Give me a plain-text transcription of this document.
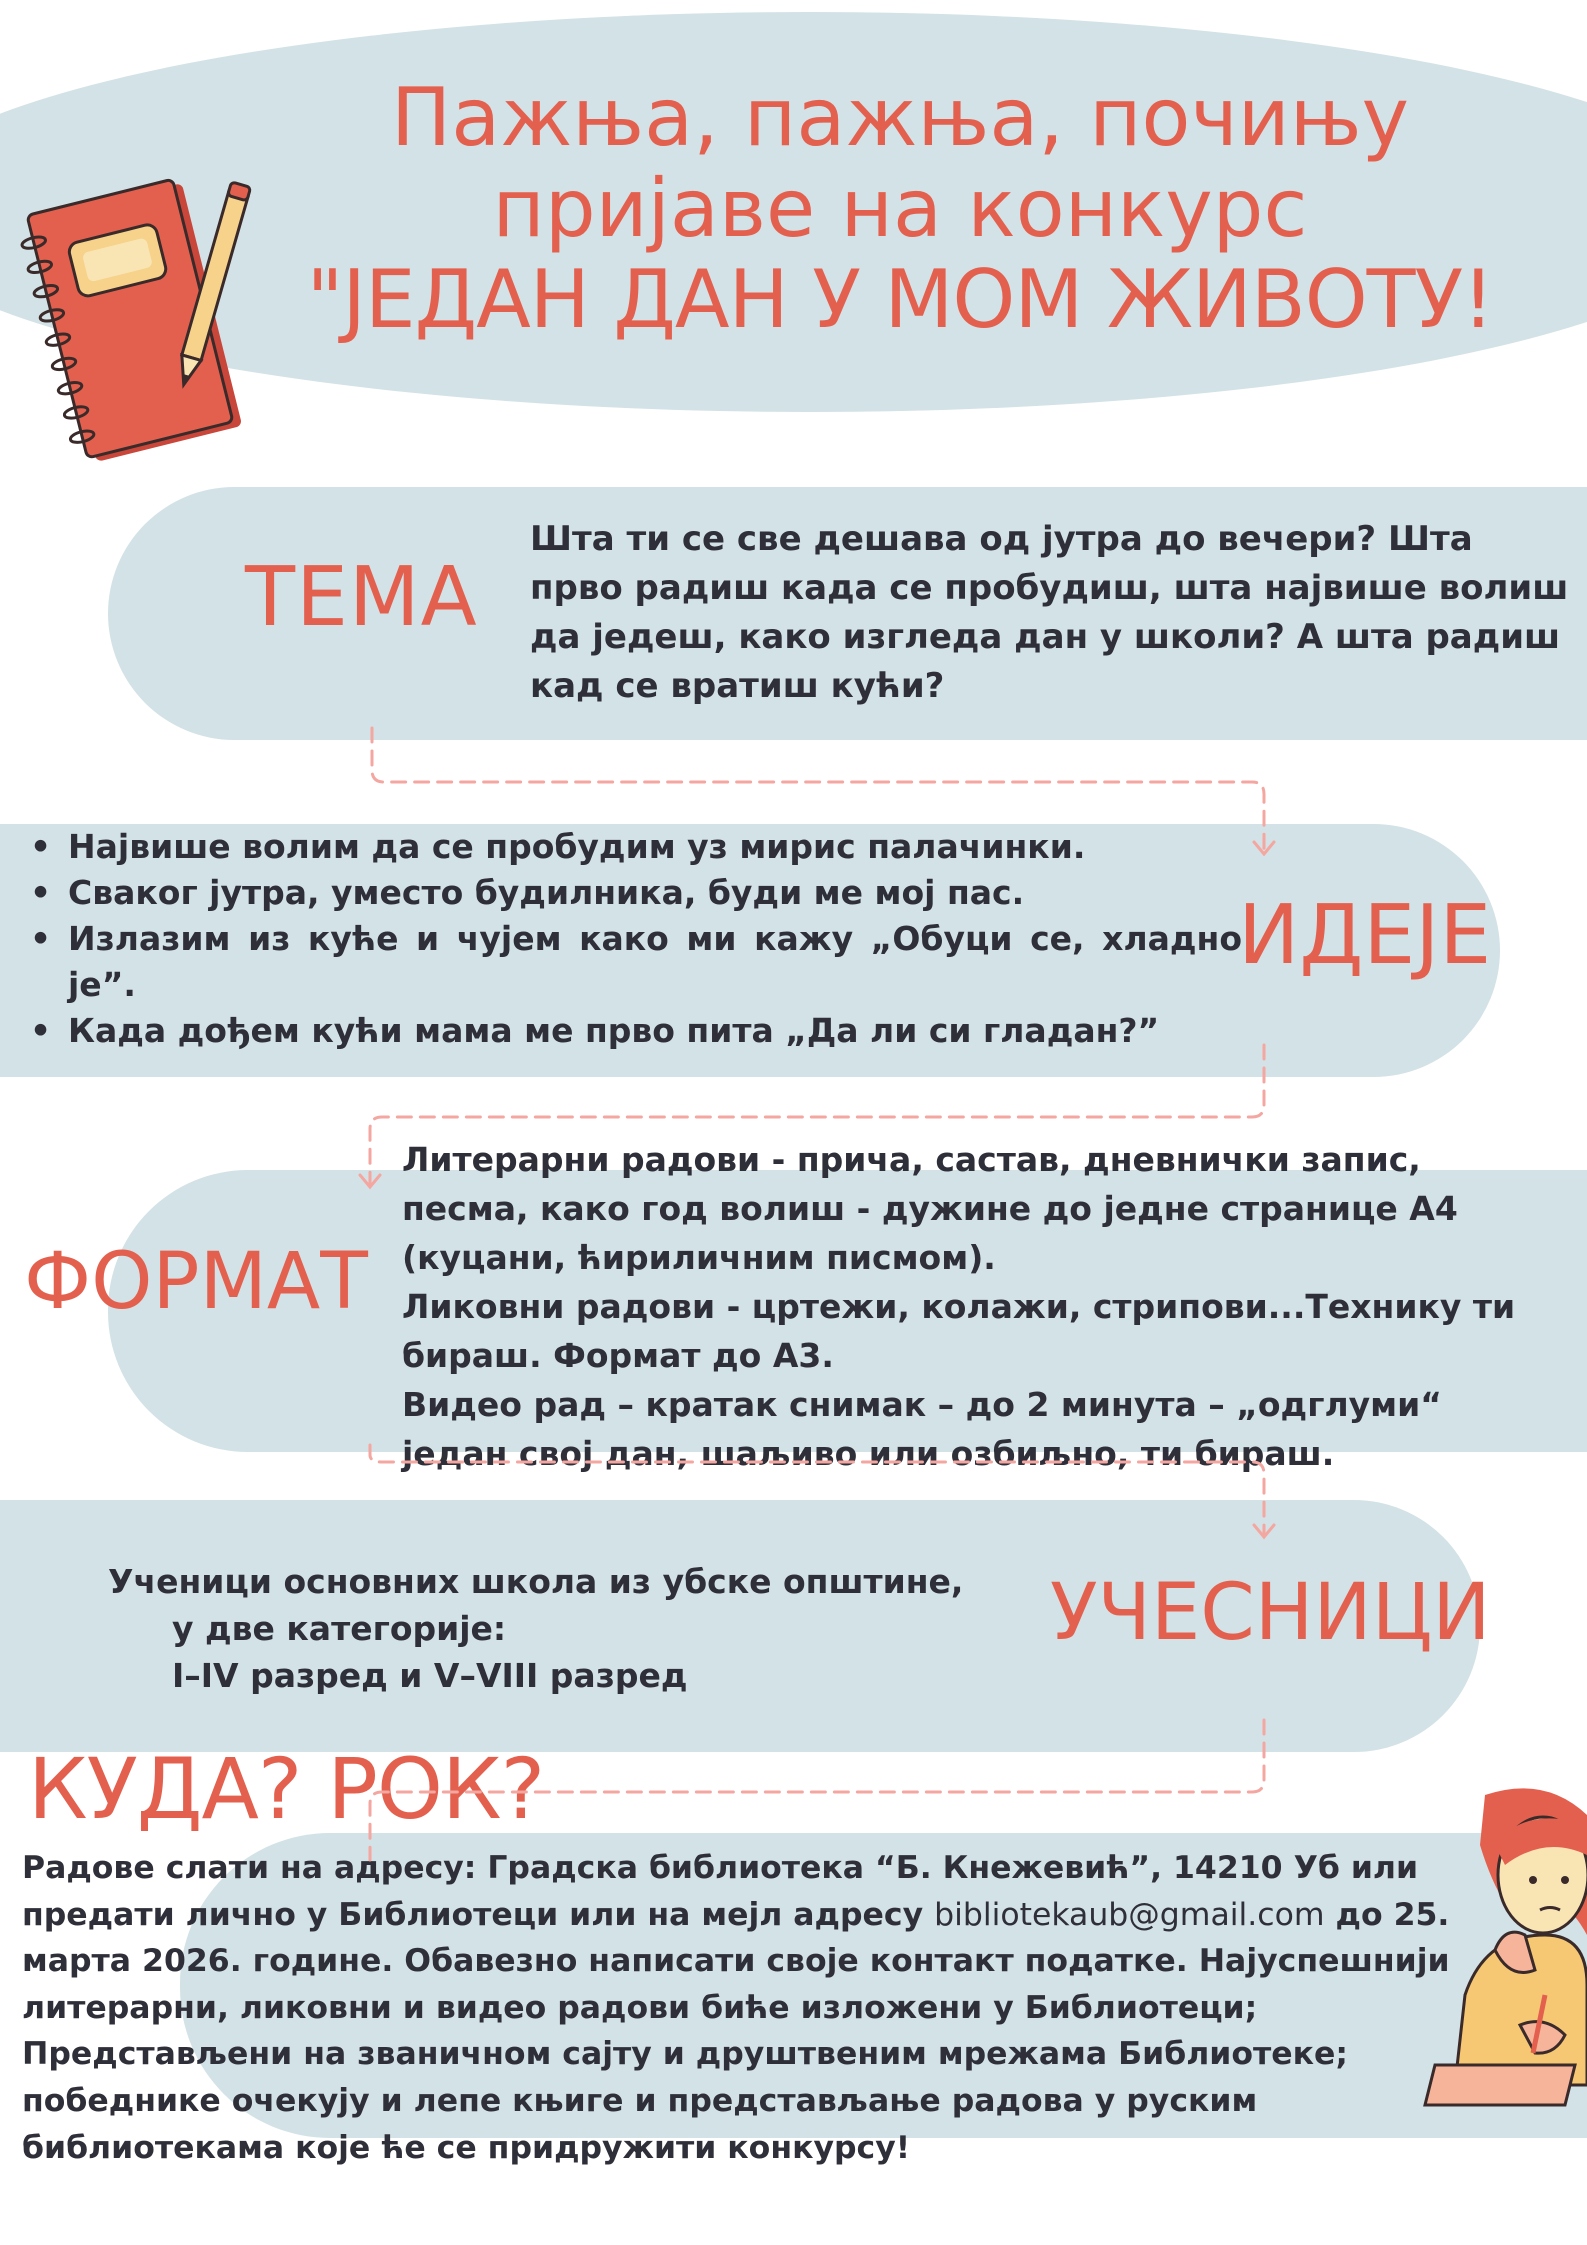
Пажња, пажња, почињу
пријаве на конкурс
"ЈЕДАН ДАН У МОМ ЖИВОТУ!
ТЕМА

Шта ти се све дешава од јутра до вечери? Шта прво радиш када се пробудиш, шта највише волиш да једеш, како изгледа дан у школи? А шта радиш кад се вратиш кући?

ИДЕЈЕ
• Највише волим да се пробудим уз мирис палачинки.
• Сваког јутра, уместо будилника, буди ме мој пас.
• Излазим из куће и чујем како ми кажу „Обуци се, хладно је”.
• Када дођем кући мама ме прво пита „Да ли си гладан?”
ФОРМАТ

Литерарни радови - прича, састав, дневнички запис, песма, како год волиш - дужине до једне странице А4 (куцани, ћириличним писмом).
Ликовни радови - цртежи, колажи, стрипови...Технику ти бираш. Формат до А3.
Видео рад – кратак снимак – до 2 минута – „одглуми“ један свој дан, шаљиво или озбиљно, ти бираш.

УЧЕСНИЦИ

Ученици основних школа из убске општине,
у две категорије:
I–IV разред и V–VIII разред

КУДА? РОК?

Радове слати на адресу: Градска библиотека “Б. Кнежевић”, 14210 Уб или предати лично у Библиотеци или на мејл адресу bibliotekaub@gmail.com до 25. марта 2026. године. Обавезно написати своје контакт податке. Најуспешнији литерарни, ликовни и видео радови биће изложени у Библиотеци; Представљени на званичном сајту и друштвеним мрежама Библиотеке; победнике очекују и лепе књиге и представљање радова у руским библиотекама које ће се придружити конкурсу!
